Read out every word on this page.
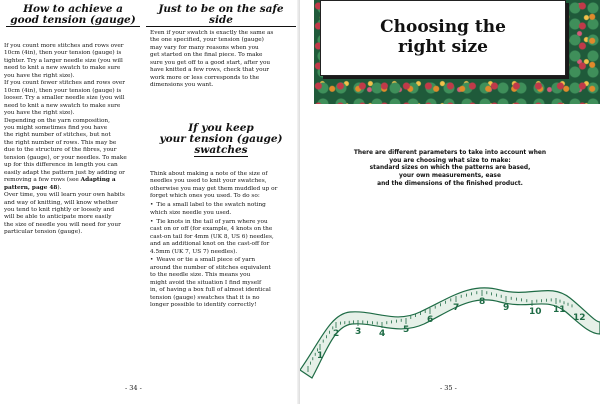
How to achieve a
good tension (gauge)

If you count more stitches and rows over

10cm (4in), then your tension (gauge) is

tighter. Try a larger needle size (you will

need to knit a new swatch to make sure

you have the right size).

If you count fewer stitches and rows over

10cm (4in), then your tension (gauge) is

looser. Try a smaller needle size (you will

need to knit a new swatch to make sure

you have the right size).

Depending on the yarn composition,

you might sometimes find you have

the right number of stitches, but not

the right number of rows. This may be

due to the structure of the fibres, your

tension (gauge), or your needles. To make

up for this difference in length you can

easily adapt the pattern just by adding or

removing a few rows (see Adapting a

pattern, page 48).

Over time, you will learn your own habits

and way of knitting, will know whether

you tend to knit rightly or loosely and

will be able to anticipate more easily

the size of needle you will need for your

particular tension (gauge).

Just to be on the safe side

Even if your swatch is exactly the same as

the one specified, your tension (gauge)

may vary for many reasons when you

get started on the final piece. To make

sure you get off to a good start, after you

have knitted a few rows, check that your

work more or less corresponds to the

dimensions you want.

If you keep
your tension (gauge)
swatches

Think about making a note of the size of

needles you used to knit your swatches,

otherwise you may get them muddled up or

forget which ones you used. To do so:

• Tie a small label to the swatch noting

which size needle you used.

• Tie knots in the tail of yarn where you

cast on or off (for example, 4 knots on the

cast-on tail for 4mm (UK 8, US 6) needles,

and an additional knot on the cast-off for

4.5mm (UK 7, US 7) needles).

• Weave or tie a small piece of yarn

around the number of stitches equivalent

to the needle size. This means you

might avoid the situation I find myself

in, of having a box full of almost identical

tension (gauge) swatches that it is no

longer possible to identify correctly!

- 34 -
Choosing the
right size

There are different parameters to take into account when
you are choosing what size to make:
standard sizes on which the patterns are based,
your own measurements, ease
and the dimensions of the finished product.

- 35 -
1
2 3 4 5
6
7
8
9 10 11
12
